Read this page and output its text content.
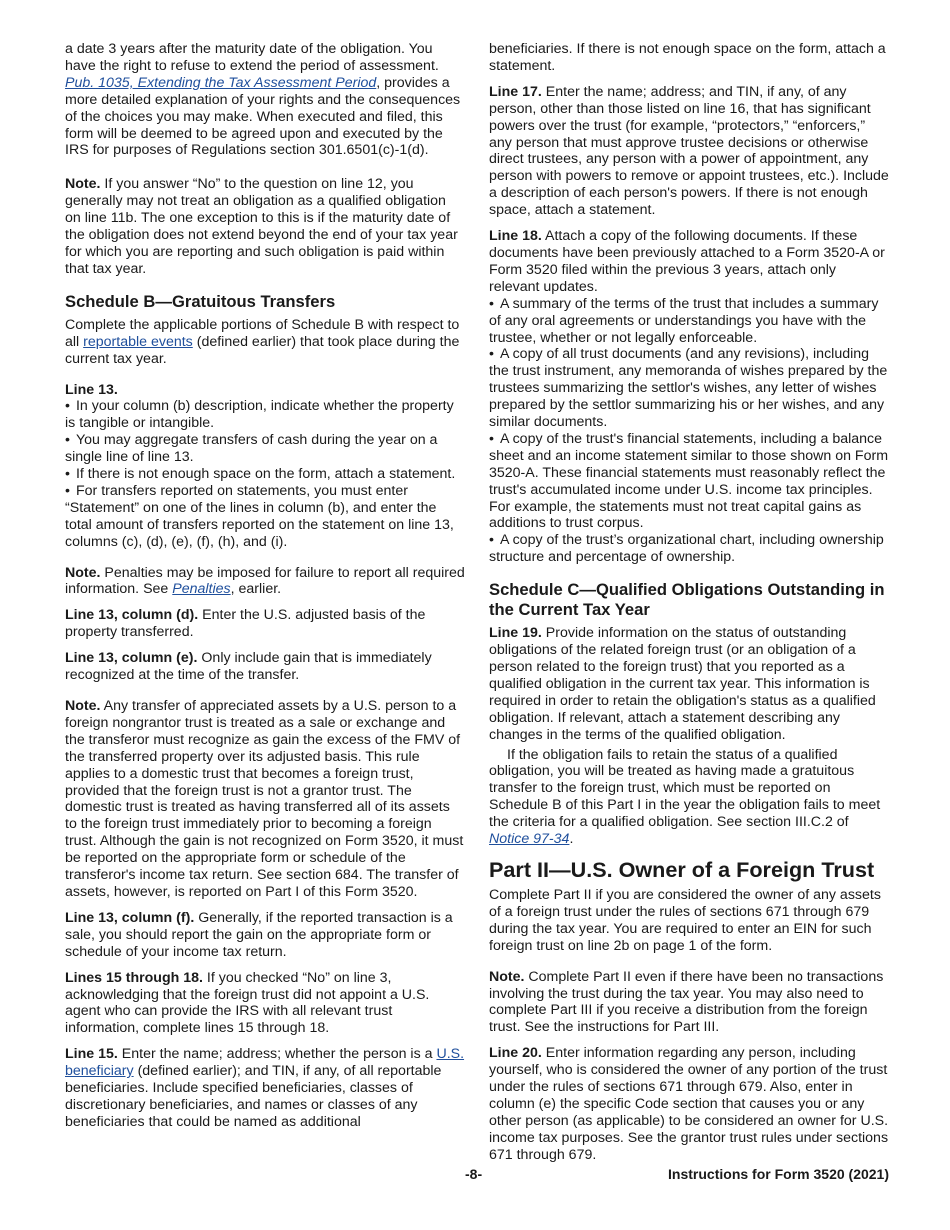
a date 3 years after the maturity date of the obligation. You have the right to refuse to extend the period of assessment. Pub. 1035, Extending the Tax Assessment Period, provides a more detailed explanation of your rights and the consequences of the choices you may make. When executed and filed, this form will be deemed to be agreed upon and executed by the IRS for purposes of Regulations section 301.6501(c)-1(d).

Note. If you answer “No” to the question on line 12, you generally may not treat an obligation as a qualified obligation on line 11b. The one exception to this is if the maturity date of the obligation does not extend beyond the end of your tax year for which you are reporting and such obligation is paid within that tax year.

Schedule B—Gratuitous Transfers

Complete the applicable portions of Schedule B with respect to all reportable events (defined earlier) that took place during the current tax year.

Line 13.

• In your column (b) description, indicate whether the property is tangible or intangible.

• You may aggregate transfers of cash during the year on a single line of line 13.

• If there is not enough space on the form, attach a statement.

• For transfers reported on statements, you must enter “Statement” on one of the lines in column (b), and enter the total amount of transfers reported on the statement on line 13, columns (c), (d), (e), (f), (h), and (i).

Note. Penalties may be imposed for failure to report all required information. See Penalties, earlier.

Line 13, column (d). Enter the U.S. adjusted basis of the property transferred.

Line 13, column (e). Only include gain that is immediately recognized at the time of the transfer.

Note. Any transfer of appreciated assets by a U.S. person to a foreign nongrantor trust is treated as a sale or exchange and the transferor must recognize as gain the excess of the FMV of the transferred property over its adjusted basis. This rule applies to a domestic trust that becomes a foreign trust, provided that the foreign trust is not a grantor trust. The domestic trust is treated as having transferred all of its assets to the foreign trust immediately prior to becoming a foreign trust. Although the gain is not recognized on Form 3520, it must be reported on the appropriate form or schedule of the transferor's income tax return. See section 684. The transfer of assets, however, is reported on Part I of this Form 3520.

Line 13, column (f). Generally, if the reported transaction is a sale, you should report the gain on the appropriate form or schedule of your income tax return.

Lines 15 through 18. If you checked “No” on line 3, acknowledging that the foreign trust did not appoint a U.S. agent who can provide the IRS with all relevant trust information, complete lines 15 through 18.

Line 15. Enter the name; address; whether the person is a U.S. beneficiary (defined earlier); and TIN, if any, of all reportable beneficiaries. Include specified beneficiaries, classes of discretionary beneficiaries, and names or classes of any beneficiaries that could be named as additional

beneficiaries. If there is not enough space on the form, attach a statement.

Line 17. Enter the name; address; and TIN, if any, of any person, other than those listed on line 16, that has significant powers over the trust (for example, “protectors,” “enforcers,” any person that must approve trustee decisions or otherwise direct trustees, any person with a power of appointment, any person with powers to remove or appoint trustees, etc.). Include a description of each person's powers. If there is not enough space, attach a statement.

Line 18. Attach a copy of the following documents. If these documents have been previously attached to a Form 3520-A or Form 3520 filed within the previous 3 years, attach only relevant updates.

• A summary of the terms of the trust that includes a summary of any oral agreements or understandings you have with the trustee, whether or not legally enforceable.

• A copy of all trust documents (and any revisions), including the trust instrument, any memoranda of wishes prepared by the trustees summarizing the settlor's wishes, any letter of wishes prepared by the settlor summarizing his or her wishes, and any similar documents.

• A copy of the trust's financial statements, including a balance sheet and an income statement similar to those shown on Form 3520-A. These financial statements must reasonably reflect the trust's accumulated income under U.S. income tax principles. For example, the statements must not treat capital gains as additions to trust corpus.

• A copy of the trust’s organizational chart, including ownership structure and percentage of ownership.

Schedule C—Qualified Obligations Outstanding in the Current Tax Year

Line 19. Provide information on the status of outstanding obligations of the related foreign trust (or an obligation of a person related to the foreign trust) that you reported as a qualified obligation in the current tax year. This information is required in order to retain the obligation's status as a qualified obligation. If relevant, attach a statement describing any changes in the terms of the qualified obligation.

If the obligation fails to retain the status of a qualified obligation, you will be treated as having made a gratuitous transfer to the foreign trust, which must be reported on Schedule B of this Part I in the year the obligation fails to meet the criteria for a qualified obligation. See section III.C.2 of Notice 97-34.

Part II—U.S. Owner of a Foreign Trust

Complete Part II if you are considered the owner of any assets of a foreign trust under the rules of sections 671 through 679 during the tax year. You are required to enter an EIN for such foreign trust on line 2b on page 1 of the form.

Note. Complete Part II even if there have been no transactions involving the trust during the tax year. You may also need to complete Part III if you receive a distribution from the foreign trust. See the instructions for Part III.

Line 20. Enter information regarding any person, including yourself, who is considered the owner of any portion of the trust under the rules of sections 671 through 679. Also, enter in column (e) the specific Code section that causes you or any other person (as applicable) to be considered an owner for U.S. income tax purposes. See the grantor trust rules under sections 671 through 679.

-8-	Instructions for Form 3520 (2021)
